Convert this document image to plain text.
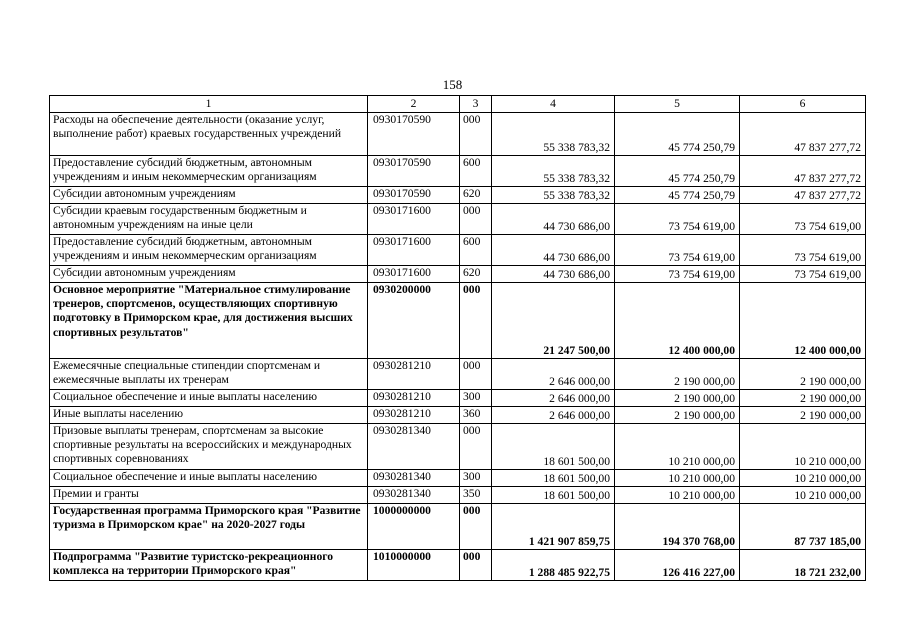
158
1	2	3	4	5	6
Расходы на обеспечение деятельности (оказание услуг, выполнение работ) краевых государственных учреждений	0930170590	000	55 338 783,32	45 774 250,79	47 837 277,72
Предоставление субсидий бюджетным, автономным учреждениям и иным некоммерческим организациям	0930170590	600	55 338 783,32	45 774 250,79	47 837 277,72
Субсидии автономным учреждениям	0930170590	620	55 338 783,32	45 774 250,79	47 837 277,72
Субсидии краевым государственным бюджетным и автономным учреждениям на иные цели	0930171600	000	44 730 686,00	73 754 619,00	73 754 619,00
Предоставление субсидий бюджетным, автономным учреждениям и иным некоммерческим организациям	0930171600	600	44 730 686,00	73 754 619,00	73 754 619,00
Субсидии автономным учреждениям	0930171600	620	44 730 686,00	73 754 619,00	73 754 619,00
Основное мероприятие "Материальное стимулирование тренеров, спортсменов, осуществляющих спортивную подготовку в Приморском крае, для достижения высших спортивных результатов"	0930200000	000	21 247 500,00	12 400 000,00	12 400 000,00
Ежемесячные специальные стипендии спортсменам и ежемесячные выплаты их тренерам	0930281210	000	2 646 000,00	2 190 000,00	2 190 000,00
Социальное обеспечение и иные выплаты населению	0930281210	300	2 646 000,00	2 190 000,00	2 190 000,00
Иные выплаты населению	0930281210	360	2 646 000,00	2 190 000,00	2 190 000,00
Призовые выплаты тренерам, спортсменам за высокие спортивные результаты на всероссийских и международных спортивных соревнованиях	0930281340	000	18 601 500,00	10 210 000,00	10 210 000,00
Социальное обеспечение и иные выплаты населению	0930281340	300	18 601 500,00	10 210 000,00	10 210 000,00
Премии и гранты	0930281340	350	18 601 500,00	10 210 000,00	10 210 000,00
Государственная программа Приморского края "Развитие туризма в Приморском крае" на 2020-2027 годы	1000000000	000	1 421 907 859,75	194 370 768,00	87 737 185,00
Подпрограмма "Развитие туристско-рекреационного комплекса на территории Приморского края"	1010000000	000	1 288 485 922,75	126 416 227,00	18 721 232,00
